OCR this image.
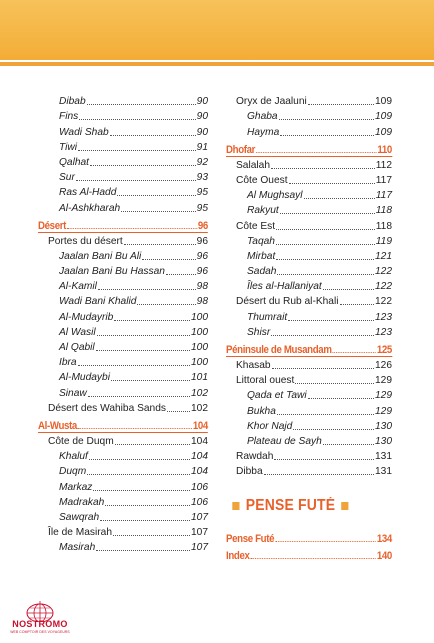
Dibab	90
Fins	90
Wadi Shab	90
Tiwi	91
Qalhat	92
Sur	93
Ras Al-Hadd	95
Al-Ashkharah	95
Désert	96
Portes du désert	96
Jaalan Bani Bu Ali	96
Jaalan Bani Bu Hassan	96
Al-Kamil	98
Wadi Bani Khalid	98
Al-Mudayrib	100
Al Wasil	100
Al Qabil	100
Ibra	100
Al-Mudaybi	101
Sinaw	102
Désert des Wahiba Sands 102
Al-Wusta	104
Côte de Duqm	104
Khaluf	104
Duqm	104
Markaz	106
Madrakah	106
Sawqrah	107
Île de Masirah	107
Masirah	107
Oryx de Jaaluni	109
Ghaba	109
Hayma	109
Dhofar	110
Salalah	112
Côte Ouest	117
Al Mughsayl	117
Rakyut	118
Côte Est	118
Taqah	119
Mirbat	121
Sadah	122
Îles al-Hallaniyat	122
Désert du Rub al-Khali	122
Thumrait	123
Shisr	123
Péninsule de Musandam	125
Khasab	126
Littoral ouest	129
Qada et Tawi	129
Bukha	129
Khor Najd	130
Plateau de Sayh	130
Rawdah	131
Dibba	131
PENSE FUTÉ
Pense Futé	134
Index	140
NOSTROMO
WEB COMPTOIR DES VOYAGEURS
